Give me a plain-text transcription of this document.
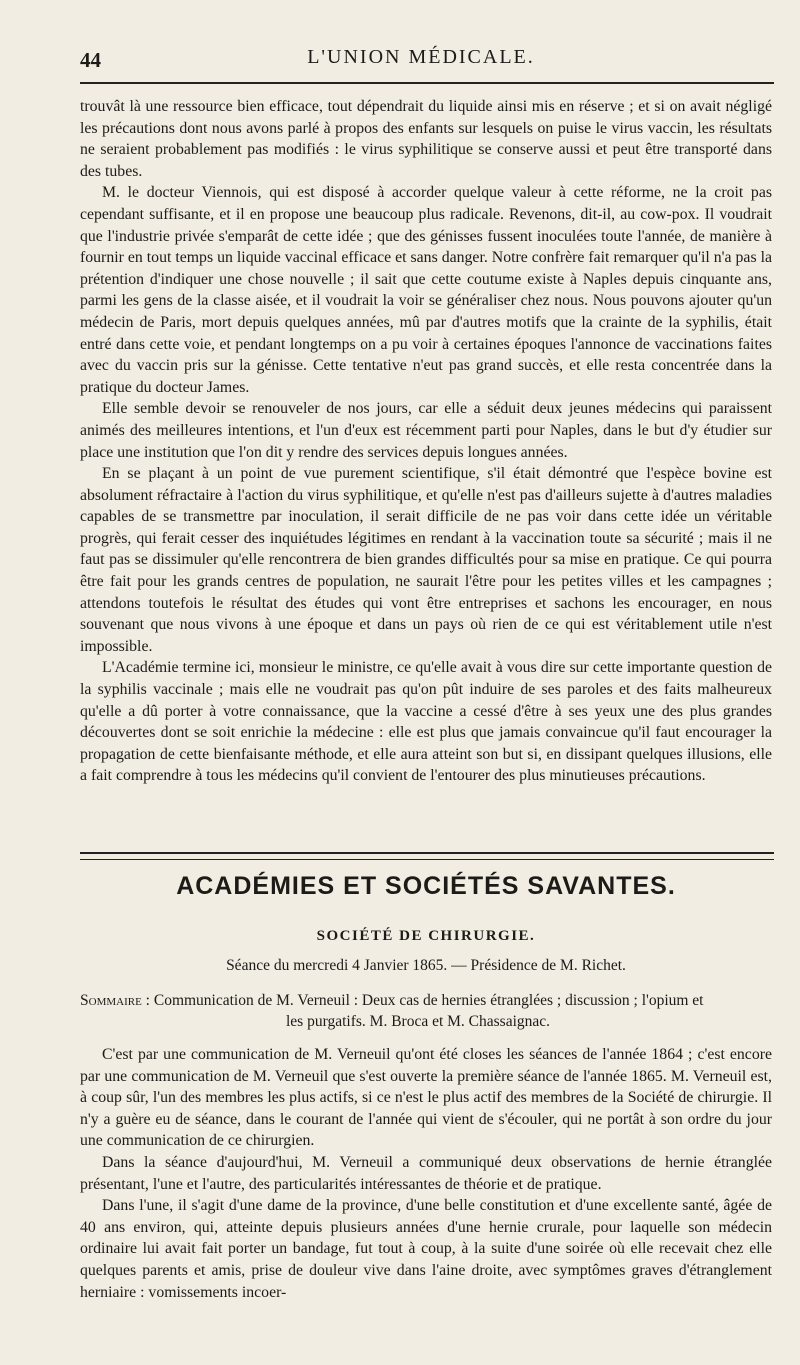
44	L'UNION MÉDICALE.

trouvât là une ressource bien efficace, tout dépendrait du liquide ainsi mis en réserve ; et si on avait négligé les précautions dont nous avons parlé à propos des enfants sur lesquels on puise le virus vaccin, les résultats ne seraient probablement pas modifiés : le virus syphilitique se conserve aussi et peut être transporté dans des tubes.

M. le docteur Viennois, qui est disposé à accorder quelque valeur à cette réforme, ne la croit pas cependant suffisante, et il en propose une beaucoup plus radicale. Revenons, dit-il, au cow-pox. Il voudrait que l'industrie privée s'emparât de cette idée ; que des génisses fussent inoculées toute l'année, de manière à fournir en tout temps un liquide vaccinal efficace et sans danger. Notre confrère fait remarquer qu'il n'a pas la prétention d'indiquer une chose nouvelle ; il sait que cette coutume existe à Naples depuis cinquante ans, parmi les gens de la classe aisée, et il voudrait la voir se généraliser chez nous. Nous pouvons ajouter qu'un médecin de Paris, mort depuis quelques années, mû par d'autres motifs que la crainte de la syphilis, était entré dans cette voie, et pendant longtemps on a pu voir à certaines époques l'annonce de vaccinations faites avec du vaccin pris sur la génisse. Cette tentative n'eut pas grand succès, et elle resta concentrée dans la pratique du docteur James.

Elle semble devoir se renouveler de nos jours, car elle a séduit deux jeunes médecins qui paraissent animés des meilleures intentions, et l'un d'eux est récemment parti pour Naples, dans le but d'y étudier sur place une institution que l'on dit y rendre des services depuis longues années.

En se plaçant à un point de vue purement scientifique, s'il était démontré que l'espèce bovine est absolument réfractaire à l'action du virus syphilitique, et qu'elle n'est pas d'ailleurs sujette à d'autres maladies capables de se transmettre par inoculation, il serait difficile de ne pas voir dans cette idée un véritable progrès, qui ferait cesser des inquiétudes légitimes en rendant à la vaccination toute sa sécurité ; mais il ne faut pas se dissimuler qu'elle rencontrera de bien grandes difficultés pour sa mise en pratique. Ce qui pourra être fait pour les grands centres de population, ne saurait l'être pour les petites villes et les campagnes ; attendons toutefois le résultat des études qui vont être entreprises et sachons les encourager, en nous souvenant que nous vivons à une époque et dans un pays où rien de ce qui est véritablement utile n'est impossible.

L'Académie termine ici, monsieur le ministre, ce qu'elle avait à vous dire sur cette importante question de la syphilis vaccinale ; mais elle ne voudrait pas qu'on pût induire de ses paroles et des faits malheureux qu'elle a dû porter à votre connaissance, que la vaccine a cessé d'être à ses yeux une des plus grandes découvertes dont se soit enrichie la médecine : elle est plus que jamais convaincue qu'il faut encourager la propagation de cette bienfaisante méthode, et elle aura atteint son but si, en dissipant quelques illusions, elle a fait comprendre à tous les médecins qu'il convient de l'entourer des plus minutieuses précautions.

ACADÉMIES ET SOCIÉTÉS SAVANTES.
SOCIÉTÉ DE CHIRURGIE.
Séance du mercredi 4 Janvier 1865. — Présidence de M. Richet.
Sommaire : Communication de M. Verneuil : Deux cas de hernies étranglées ; discussion ; l'opium et
les purgatifs. M. Broca et M. Chassaignac.

C'est par une communication de M. Verneuil qu'ont été closes les séances de l'année 1864 ; c'est encore par une communication de M. Verneuil que s'est ouverte la première séance de l'année 1865. M. Verneuil est, à coup sûr, l'un des membres les plus actifs, si ce n'est le plus actif des membres de la Société de chirurgie. Il n'y a guère eu de séance, dans le courant de l'année qui vient de s'écouler, qui ne portât à son ordre du jour une communication de ce chirurgien.

Dans la séance d'aujourd'hui, M. Verneuil a communiqué deux observations de hernie étranglée présentant, l'une et l'autre, des particularités intéressantes de théorie et de pratique.

Dans l'une, il s'agit d'une dame de la province, d'une belle constitution et d'une excellente santé, âgée de 40 ans environ, qui, atteinte depuis plusieurs années d'une hernie crurale, pour laquelle son médecin ordinaire lui avait fait porter un bandage, fut tout à coup, à la suite d'une soirée où elle recevait chez elle quelques parents et amis, prise de douleur vive dans l'aine droite, avec symptômes graves d'étranglement herniaire : vomissements incoer-
